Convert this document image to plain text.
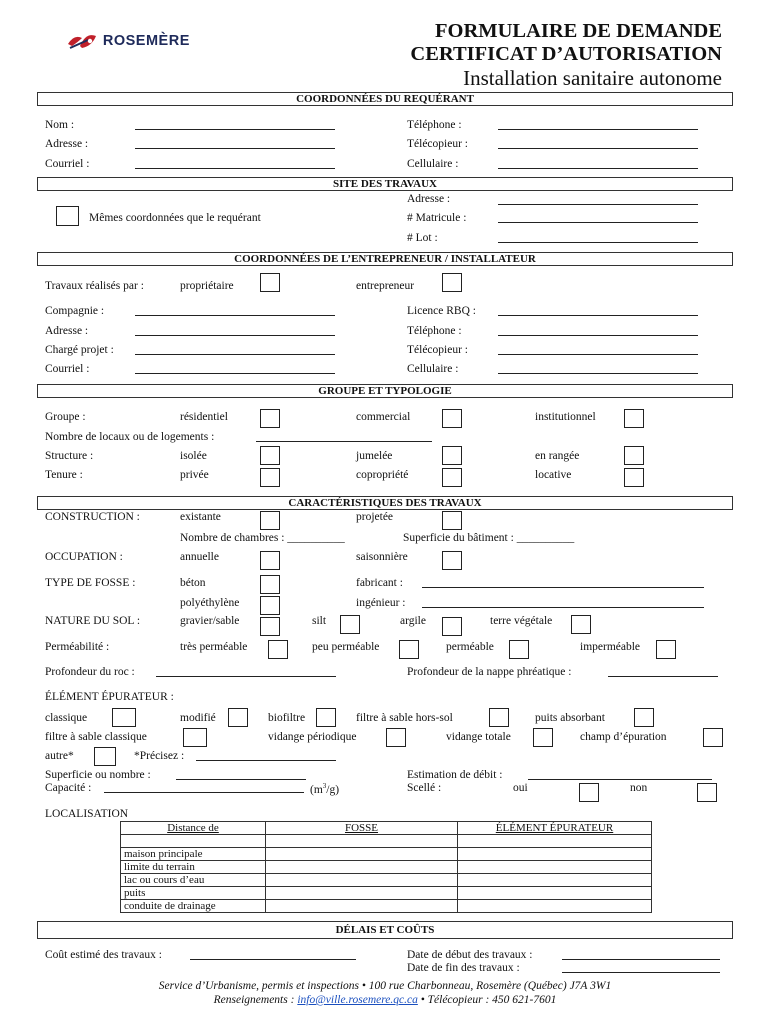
ROSEMÈRE	FORMULAIRE DE DEMANDE
CERTIFICAT D’AUTORISATION
Installation sanitaire autonome
COORDONNÉES DU REQUÉRANT
Nom :	Téléphone :
Adresse :	Télécopieur :
Courriel :	Cellulaire :
SITE DES TRAVAUX
Adresse :
Mêmes coordonnées que le requérant	# Matricule :
# Lot :
COORDONNÉES DE L’ENTREPRENEUR / INSTALLATEUR
Travaux réalisés par :	propriétaire	entrepreneur
Compagnie :	Licence RBQ :
Adresse :	Téléphone :
Chargé projet :	Télécopieur :
Courriel :	Cellulaire :
GROUPE ET TYPOLOGIE
Groupe :	résidentiel	commercial	institutionnel
Nombre de locaux ou de logements :
Structure :	isolée	jumelée	en rangée
Tenure :	privée	copropriété	locative
CARACTÉRISTIQUES DES TRAVAUX
CONSTRUCTION :	existante	projetée
Nombre de chambres : __________	Superficie du bâtiment : __________
OCCUPATION :	annuelle	saisonnière
TYPE DE FOSSE :	béton	fabricant :
polyéthylène	ingénieur :
NATURE DU SOL :	gravier/sable	silt	argile	terre végétale
Perméabilité :	très perméable	peu perméable	perméable	imperméable
Profondeur du roc :	Profondeur de la nappe phréatique :
ÉLÉMENT ÉPURATEUR :
classique	modifié	biofiltre	filtre à sable hors-sol	puits absorbant
filtre à sable classique	vidange périodique	vidange totale	champ d’épuration
autre*	*Précisez :
Superficie ou nombre :
Capacité :	$(m^3/g)$
Estimation de débit :
Scellé :	oui	non
LOCALISATION
Distance de	FOSSE	ÉLÉMENT ÉPURATEUR

maison principale		
limite du terrain		
lac ou cours d’eau		
puits		
conduite de drainage		
DÉLAIS ET COÛTS
Coût estimé des travaux :	Date de début des travaux :
Date de fin des travaux :
Service d’Urbanisme, permis et inspections • 100 rue Charbonneau, Rosemère (Québec) J7A 3W1
Renseignements : info@ville.rosemere.qc.ca • Télécopieur : 450 621-7601
